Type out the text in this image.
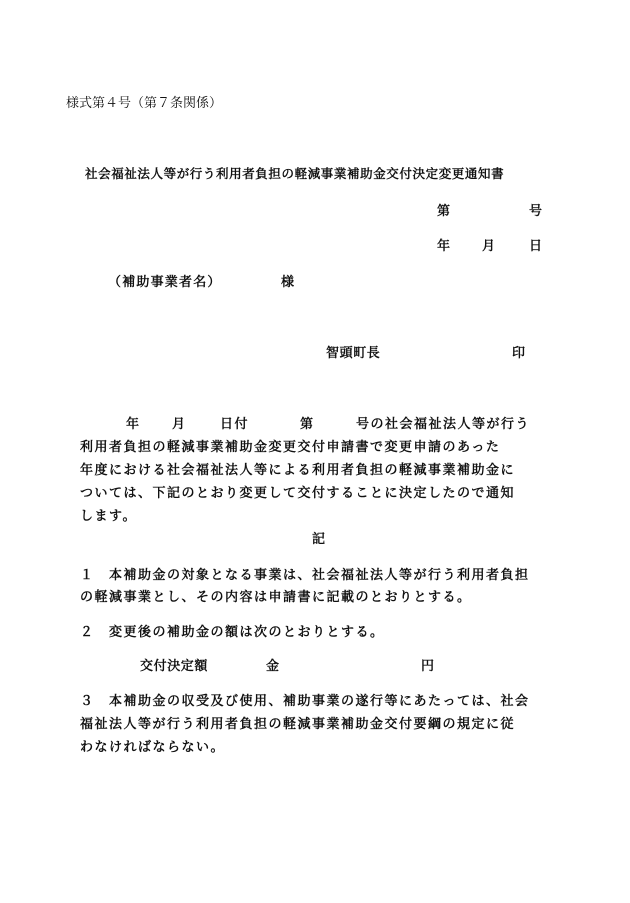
様式第４号（第７条関係）
社会福祉法人等が行う利用者負担の軽減事業補助金交付決定変更通知書
第	号
年 月	日
（補助事業者名）	様
智頭町長	印
年 月	日付	第	号の社会福祉法人等が行う
利用者負担の軽減事業補助金変更交付申請書で変更申請のあった
年度における社会福祉法人等による利用者負担の軽減事業補助金に
ついては、下記のとおり変更して交付することに決定したので通知
します。
記
１　本補助金の対象となる事業は、社会福祉法人等が行う利用者負担
の軽減事業とし、その内容は申請書に記載のとおりとする。
２　変更後の補助金の額は次のとおりとする。
交付決定額	金	円
３　本補助金の収受及び使用、補助事業の遂行等にあたっては、社会
福祉法人等が行う利用者負担の軽減事業補助金交付要綱の規定に従
わなければならない。
